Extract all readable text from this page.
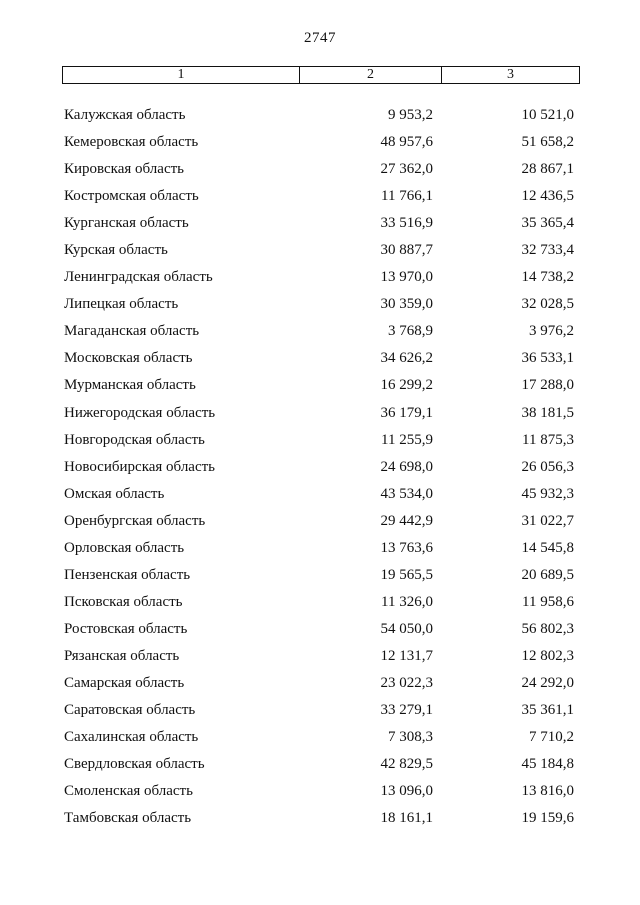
2747
1	2	3
Калужская область	9 953,2	10 521,0
Кемеровская область	48 957,6	51 658,2
Кировская область	27 362,0	28 867,1
Костромская область	11 766,1	12 436,5
Курганская область	33 516,9	35 365,4
Курская область	30 887,7	32 733,4
Ленинградская область	13 970,0	14 738,2
Липецкая область	30 359,0	32 028,5
Магаданская область	3 768,9	3 976,2
Московская область	34 626,2	36 533,1
Мурманская область	16 299,2	17 288,0
Нижегородская область	36 179,1	38 181,5
Новгородская область	11 255,9	11 875,3
Новосибирская область	24 698,0	26 056,3
Омская область	43 534,0	45 932,3
Оренбургская область	29 442,9	31 022,7
Орловская область	13 763,6	14 545,8
Пензенская область	19 565,5	20 689,5
Псковская область	11 326,0	11 958,6
Ростовская область	54 050,0	56 802,3
Рязанская область	12 131,7	12 802,3
Самарская область	23 022,3	24 292,0
Саратовская область	33 279,1	35 361,1
Сахалинская область	7 308,3	7 710,2
Свердловская область	42 829,5	45 184,8
Смоленская область	13 096,0	13 816,0
Тамбовская область	18 161,1	19 159,6
